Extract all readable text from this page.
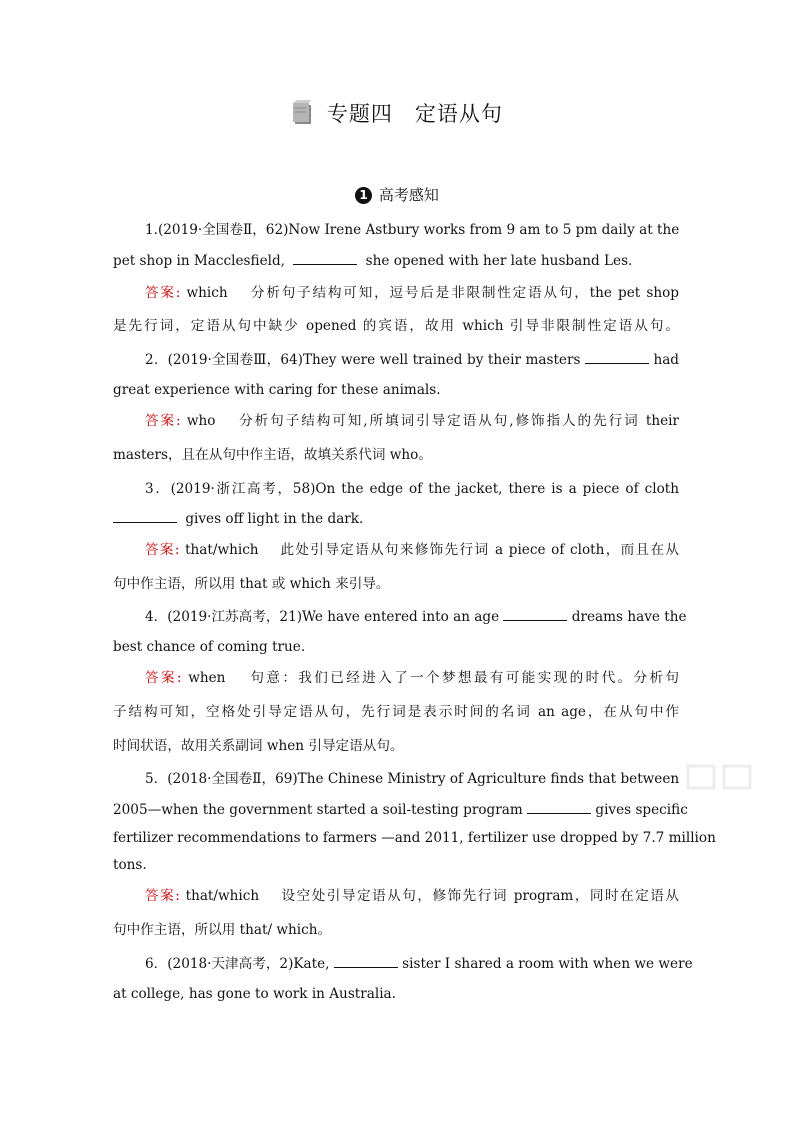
专题四　定语从句
1 高考感知
1.(2019·全国卷Ⅱ，62)Now Irene Astbury works from 9 am to 5 pm daily at the
pet shop in Macclesfield,	she opened with her late husband Les.
答案: which　 分析句子结构可知，逗号后是非限制性定语从句，the pet shop
是先行词，定语从句中缺少 opened 的宾语，故用 which 引导非限制性定语从句。
2．(2019·全国卷Ⅲ，64)They were well trained by their masters	had
great experience with caring for these animals.
答案: who　 分析句子结构可知,所填词引导定语从句,修饰指人的先行词 their
masters，且在从句中作主语，故填关系代词 who。
3．(2019·浙江高考，58)On the edge of the jacket, there is a piece of cloth
gives off light in the dark.
答案: that/which　 此处引导定语从句来修饰先行词 a piece of cloth，而且在从
句中作主语，所以用 that 或 which 来引导。
4．(2019·江苏高考，21)We have entered into an age	dreams have the
best chance of coming true.
答案: when　 句意：我们已经进入了一个梦想最有可能实现的时代。分析句
子结构可知，空格处引导定语从句，先行词是表示时间的名词 an age，在从句中作
时间状语，故用关系副词 when 引导定语从句。
5．(2018·全国卷Ⅱ，69)The Chinese Ministry of Agriculture finds that between
2005—when the government started a soil-testing program	gives specific
fertilizer recommendations to farmers —and 2011, fertilizer use dropped by 7.7 million
tons.
答案: that/which　 设空处引导定语从句，修饰先行词 program，同时在定语从
句中作主语，所以用 that/ which。
6．(2018·天津高考，2)Kate,	sister I shared a room with when we were
at college, has gone to work in Australia.
